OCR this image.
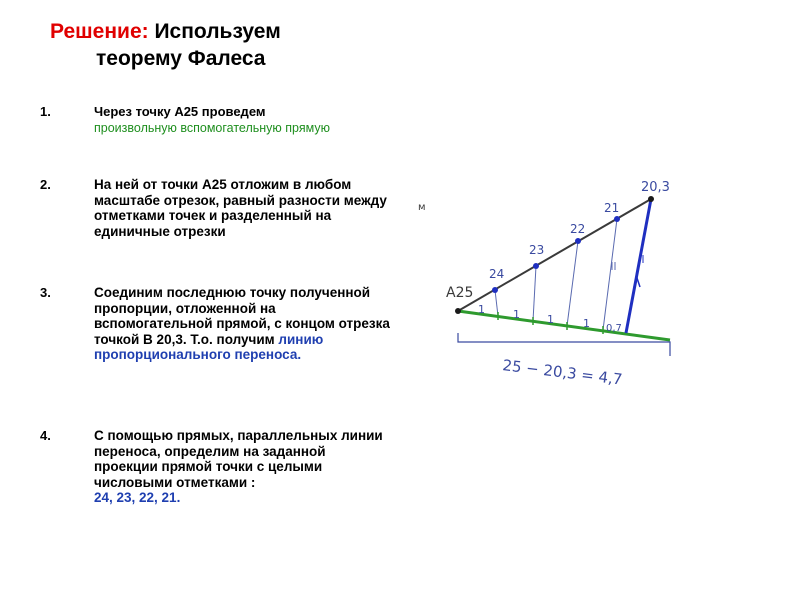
Решение: Используем
теорему Фалеса
1.	Через точку А25 проведем
произвольную вспомогательную прямую
2.	На ней от точки А25 отложим в любом масштабе отрезок, равный разности между отметками точек и разделенный на единичные отрезки
3.	Соединим последнюю точку полученной пропорции, отложенной на вспомогательной прямой, с концом отрезка точкой В 20,3. Т.о. получим линию пропорционального переноса.
4.	С помощью прямых, параллельных линии переноса, определим на заданной проекции прямой точки с целыми числовыми отметками :
24, 23, 22, 21.
A25
20,3
24
23
22
21
1	1 1	1 0,7
25 − 20,3 = 4,7
м
